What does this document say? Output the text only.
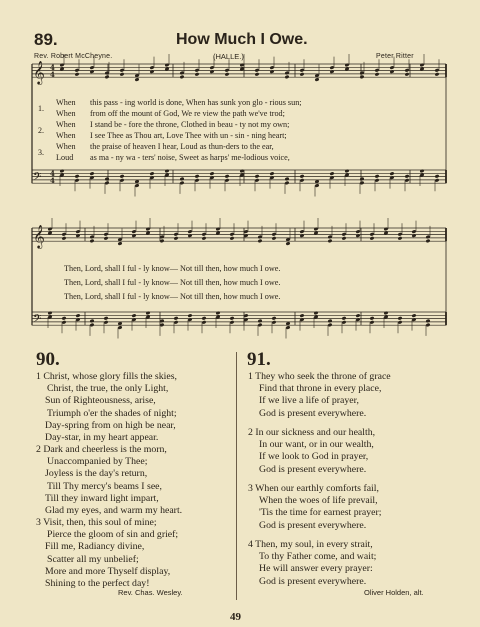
𝄞
𝄢
𝄞
𝄢
4
4
4
4
89.	How Much I Owe.
Rev. Robert McCheyne.	(HALLE.)	Peter Ritter
1.
When
When
this pass - ing world is done, When has sunk yon glo - rious sun;
from off the mount of God, We re view the path we've trod;
2.
When
When
I stand be - fore the throne, Clothed in beau - ty not my own;
I see Thee as Thou art, Love Thee with un - sin - ning heart;
3.
When
Loud
the praise of heaven I hear, Loud as thun-ders to the ear,
as ma - ny wa - ters' noise, Sweet as harps' me-lodious voice,
Then, Lord, shall I ful - ly know— Not till then, how much I owe.
Then, Lord, shall I ful - ly know— Not till then, how much I owe.
Then, Lord, shall I ful - ly know— Not till then, how much I owe.
90.
1 Christ, whose glory fills the skies,
Christ, the true, the only Light,
Sun of Righteousness, arise,
Triumph o'er the shades of night;
Day-spring from on high be near,
Day-star, in my heart appear.
2 Dark and cheerless is the morn,
Unaccompanied by Thee;
Joyless is the day's return,
Till Thy mercy's beams I see,
Till they inward light impart,
Glad my eyes, and warm my heart.
3 Visit, then, this soul of mine;
Pierce the gloom of sin and grief;
Fill me, Radiancy divine,
Scatter all my unbelief;
More and more Thyself display,
Shining to the perfect day!
Rev. Chas. Wesley.
91.
1 They who seek the throne of grace
Find that throne in every place,
If we live a life of prayer,
God is present everywhere.
2 In our sickness and our health,
In our want, or in our wealth,
If we look to God in prayer,
God is present everywhere.
3 When our earthly comforts fail,
When the woes of life prevail,
'Tis the time for earnest prayer;
God is present everywhere.
4 Then, my soul, in every strait,
To thy Father come, and wait;
He will answer every prayer:
God is present everywhere.
Oliver Holden, alt.
49
